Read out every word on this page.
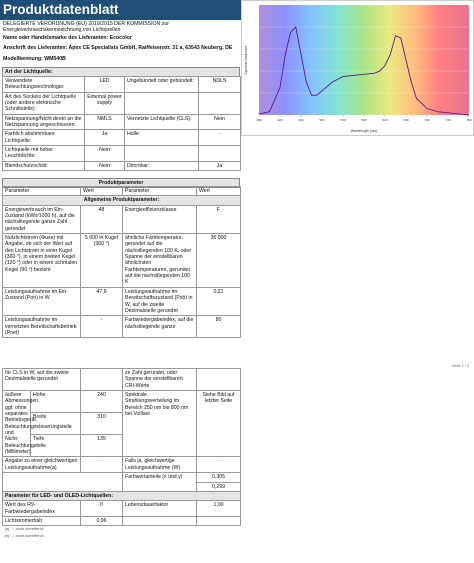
Produktdatenblatt
DELEGIERTE VERORDNUNG (EU) 2019/2015 DER KOMMISSION zur Energieverbrauchskennzeichnung von Lichtquellen
Name oder Handelsmarke des Lieferanten: Ecocolor
Anschrift des Lieferanten: Apex CE Specialists GmbH, Raiffeisenstr. 31 a, 63543 Neuberg, DE
Modellkennung: WM540B
Art der Lichtquelle:
Verwendete Beleuchtungstechnologie:	LED	Ungebündelt oder gebündelt:	NDLS
Art des Sockels der Lichtquelle (oder andere elektrische Schnittstelle)	External power supply		
Netzspannung/Nicht direkt an die Netzspannung angeschlossen:	NMLS	Vernetzte Lichtquelle (CLS):	Nein
Farblich abstimmbare Lichtquelle:	Ja	Hülle:	-
Lichtquelle mit hoher Leuchtdichte:	Nein		
Blendschutzschild:	Nein	Dimmbar:	Ja
Produktparameter
Parameter	Wert	Parameter	Wert
Allgemeine Produktparameter:			
Energieverbrauch im Ein-Zustand (kWh/1000 h), auf die nächstliegende ganze Zahl gerundet	48	Energieeffizienzklasse	F
Nutzlichtstrom (Φuse) mit Angabe, ob sich der Wert auf den Lichtstrom in einer Kugel (360 °), in einem breiten Kegel (120 °) oder in einem schmalen Kegel (90 °) bezieht	5 600 in Kugel (360 °)	ähnliche Farbtemperatur, gerundet auf die nächstliegenden 100 K, oder Spanne der einstellbaren ähnlichsten Farbtemperaturen, gerundet auf die nächstliegenden 100 K	36 000
Leistungsaufnahme im Ein-Zustand (Pon) in W	47,9	Leistungsaufnahme im Bereitschaftszustand (Psb) in W, auf die zweite Dezimalstelle gerundet	0,21
Leistungsaufnahme im vernetzten Bereitschaftsbetrieb (Pnet)	-	Farbwiedergabeindex, auf die nächstliegende ganze	80
Seite 1 / 3
für CLS in W, auf die zweite Dezimalstelle gerundet			ze Zahl gerundet, oder Spanne der einstellbaren CRI-Werte	
äußere Abmessungen, ggf. ohne separates Betriebsgerät, Beleuchtungssteuerungsteile und Nicht-Beleuchtungsteile (Millimeter)	Höhe	240	Spektrale Strahlungsverteilung im Bereich 250 nm bis 800 nm bei Volllast	Siehe Bild auf letzter Seite
	Breite	310		
	Tiefe	135		
Angabe zu einer gleichwertigen Leistungsaufnahme(a)		-	Falls ja, gleichwertige Leistungsaufnahme (W)	-
			Farbwertanteile (x und y)	0,305
				0,299
Parameter für LED- und OLED-Lichtquellen:				
Wert des R9-Farbwiedergabeindex		0	Lebensdauerfaktor	1,00
Lichtstromerhalt		0,96		
(a) '-': nicht zutreffend;				
(b) '-': nicht zutreffend;				
380	420	460	500	540	580	620	660	700	740	780
Wavelength (nm)
Spectral irradiance
